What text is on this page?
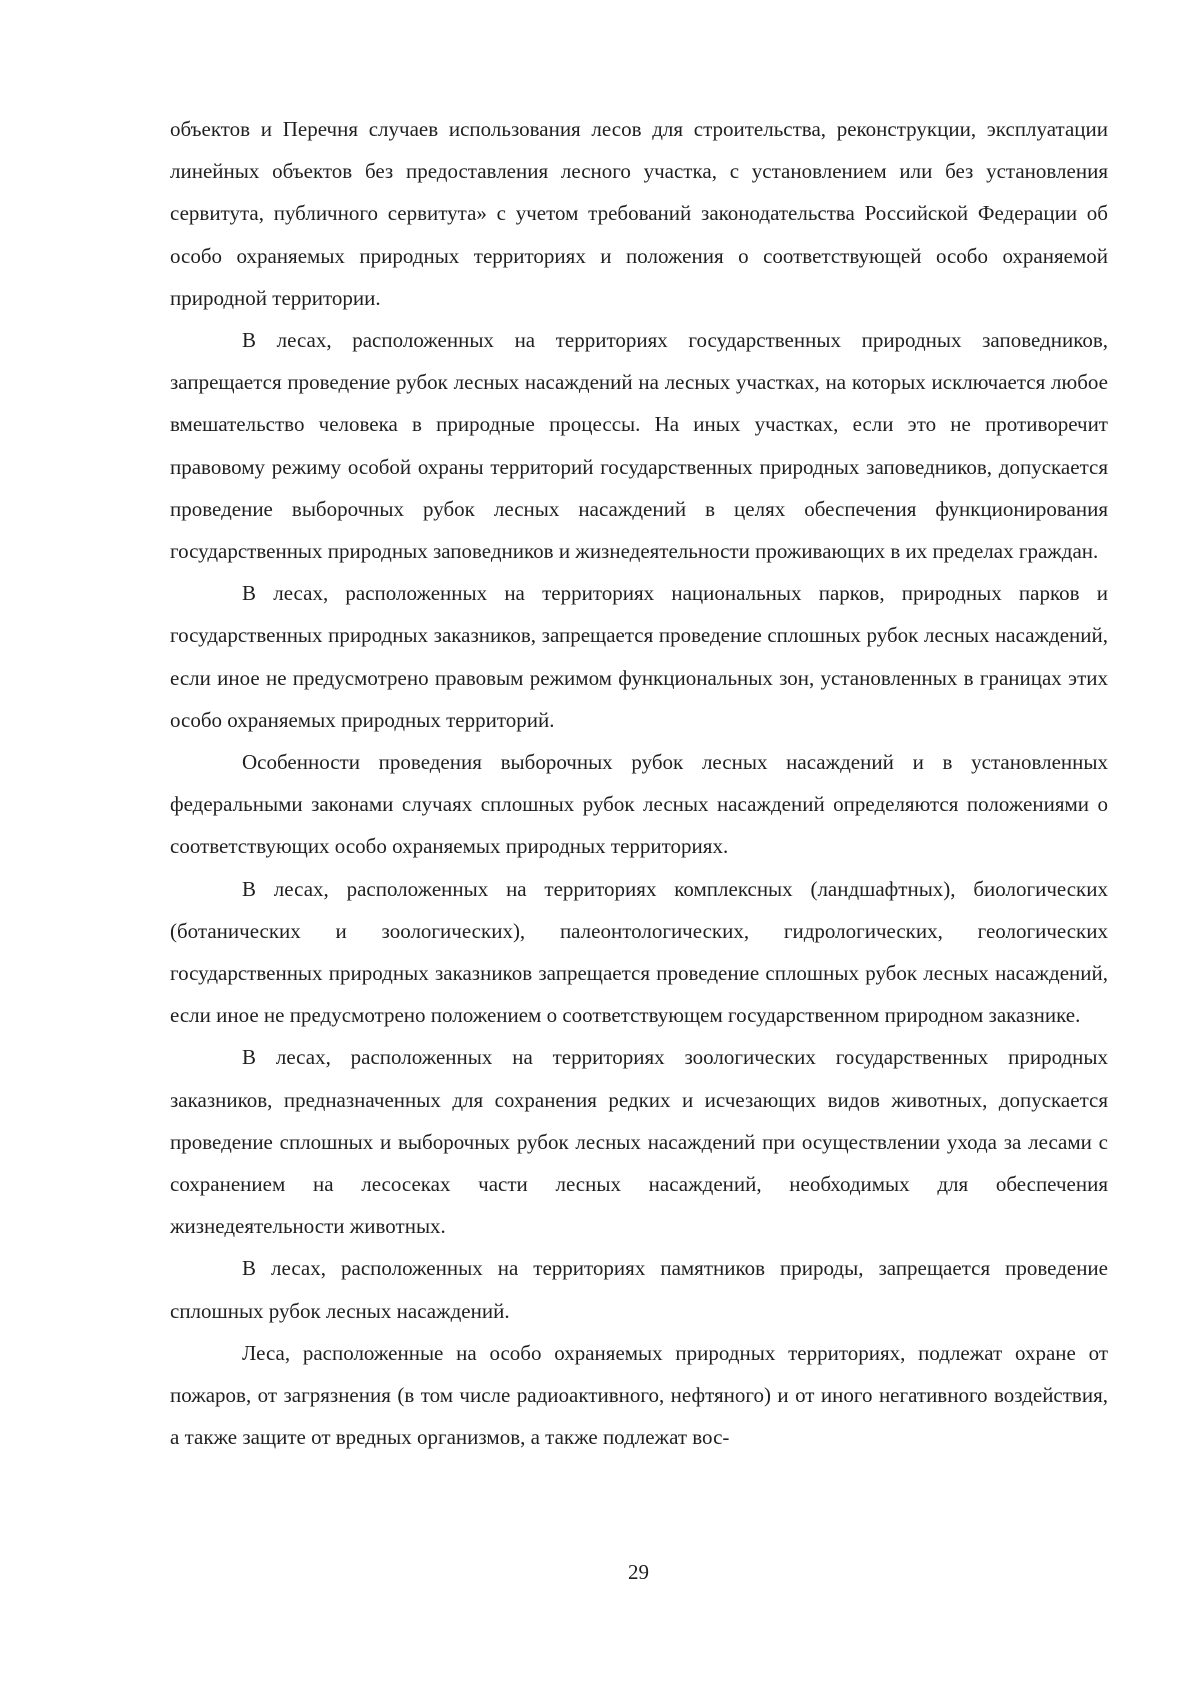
объектов и Перечня случаев использования лесов для строительства, реконструкции, эксплуатации линейных объектов без предоставления лесного участка, с установлением или без установления сервитута, публичного сервитута» с учетом требований законодательства Российской Федерации об особо охраняемых природных территориях и положения о соответствующей особо охраняемой природной территории.

В лесах, расположенных на территориях государственных природных заповедников, запрещается проведение рубок лесных насаждений на лесных участках, на которых исключается любое вмешательство человека в природные процессы. На иных участках, если это не противоречит правовому режиму особой охраны территорий государственных природных заповедников, допускается проведение выборочных рубок лесных насаждений в целях обеспечения функционирования государственных природных заповедников и жизнедеятельности проживающих в их пределах граждан.

В лесах, расположенных на территориях национальных парков, природных парков и государственных природных заказников, запрещается проведение сплошных рубок лесных насаждений, если иное не предусмотрено правовым режимом функциональных зон, установленных в границах этих особо охраняемых природных территорий.

Особенности проведения выборочных рубок лесных насаждений и в установленных федеральными законами случаях сплошных рубок лесных насаждений определяются положениями о соответствующих особо охраняемых природных территориях.

В лесах, расположенных на территориях комплексных (ландшафтных), биологических (ботанических и зоологических), палеонтологических, гидрологических, геологических государственных природных заказников запрещается проведение сплошных рубок лесных насаждений, если иное не предусмотрено положением о соответствующем государственном природном заказнике.

В лесах, расположенных на территориях зоологических государственных природных заказников, предназначенных для сохранения редких и исчезающих видов животных, допускается проведение сплошных и выборочных рубок лесных насаждений при осуществлении ухода за лесами с сохранением на лесосеках части лесных насаждений, необходимых для обеспечения жизнедеятельности животных.

В лесах, расположенных на территориях памятников природы, запрещается проведение сплошных рубок лесных насаждений.

Леса, расположенные на особо охраняемых природных территориях, подлежат охране от пожаров, от загрязнения (в том числе радиоактивного, нефтяного) и от иного негативного воздействия, а также защите от вредных организмов, а также подлежат вос-

29
